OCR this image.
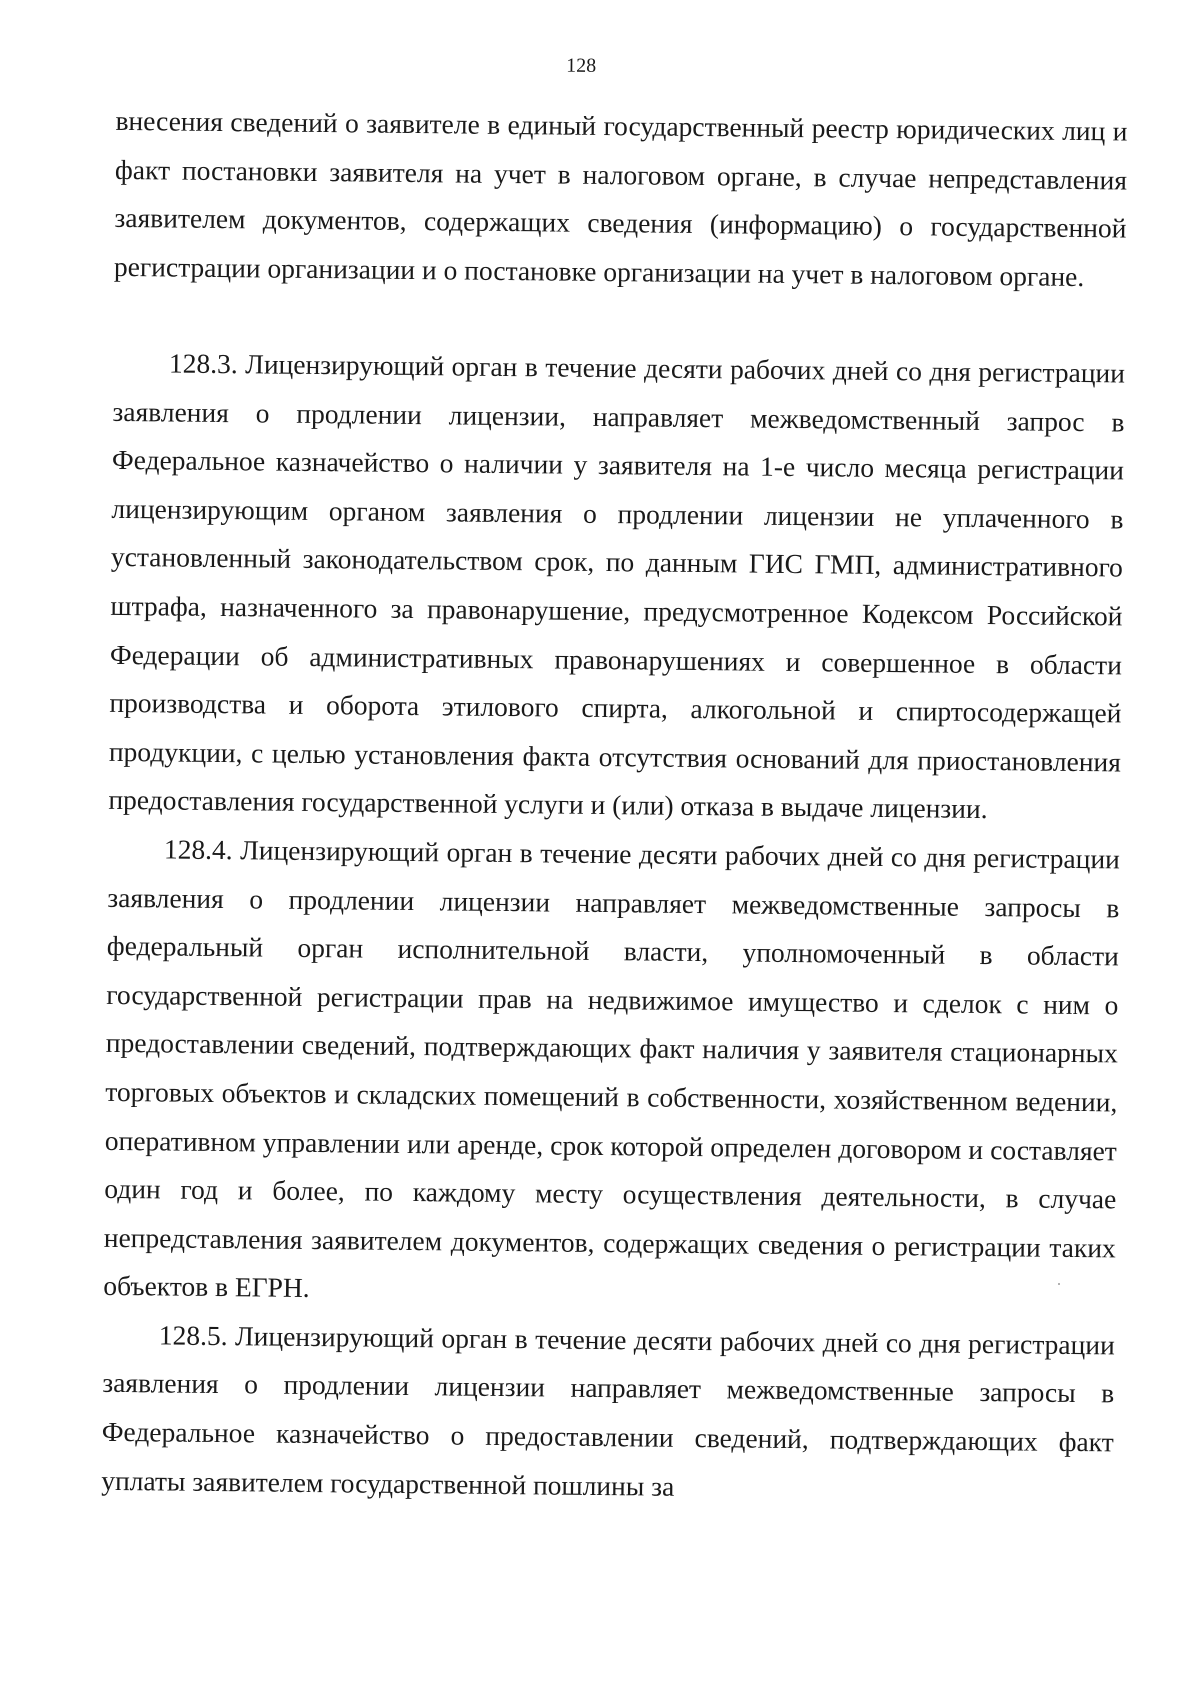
128

внесения сведений о заявителе в единый государственный реестр юридических лиц и факт постановки заявителя на учет в налоговом органе, в случае непредставления заявителем документов, содержащих сведения (информацию) о государственной регистрации организации и о постановке организации на учет в налоговом органе.

128.3. Лицензирующий орган в течение десяти рабочих дней со дня регистрации заявления о продлении лицензии, направляет межведомственный запрос в Федеральное казначейство о наличии у заявителя на 1-е число месяца регистрации лицензирующим органом заявления о продлении лицензии не уплаченного в установленный законодательством срок, по данным ГИС ГМП, административного штрафа, назначенного за правонарушение, предусмотренное Кодексом Российской Федерации об административных правонарушениях и совершенное в области производства и оборота этилового спирта, алкогольной и спиртосодержащей продукции, с целью установления факта отсутствия оснований для приостановления предоставления государственной услуги и (или) отказа в выдаче лицензии.

128.4. Лицензирующий орган в течение десяти рабочих дней со дня регистрации заявления о продлении лицензии направляет межведомственные запросы в федеральный орган исполнительной власти, уполномоченный в области государственной регистрации прав на недвижимое имущество и сделок с ним о предоставлении сведений, подтверждающих факт наличия у заявителя стационарных торговых объектов и складских помещений в собственности, хозяйственном ведении, оперативном управлении или аренде, срок которой определен договором и составляет один год и более, по каждому месту осуществления деятельности, в случае непредставления заявителем документов, содержащих сведения о регистрации таких объектов в ЕГРН.

128.5. Лицензирующий орган в течение десяти рабочих дней со дня регистрации заявления о продлении лицензии направляет межведомственные запросы в Федеральное казначейство о предоставлении сведений, подтверждающих факт уплаты заявителем государственной пошлины за
